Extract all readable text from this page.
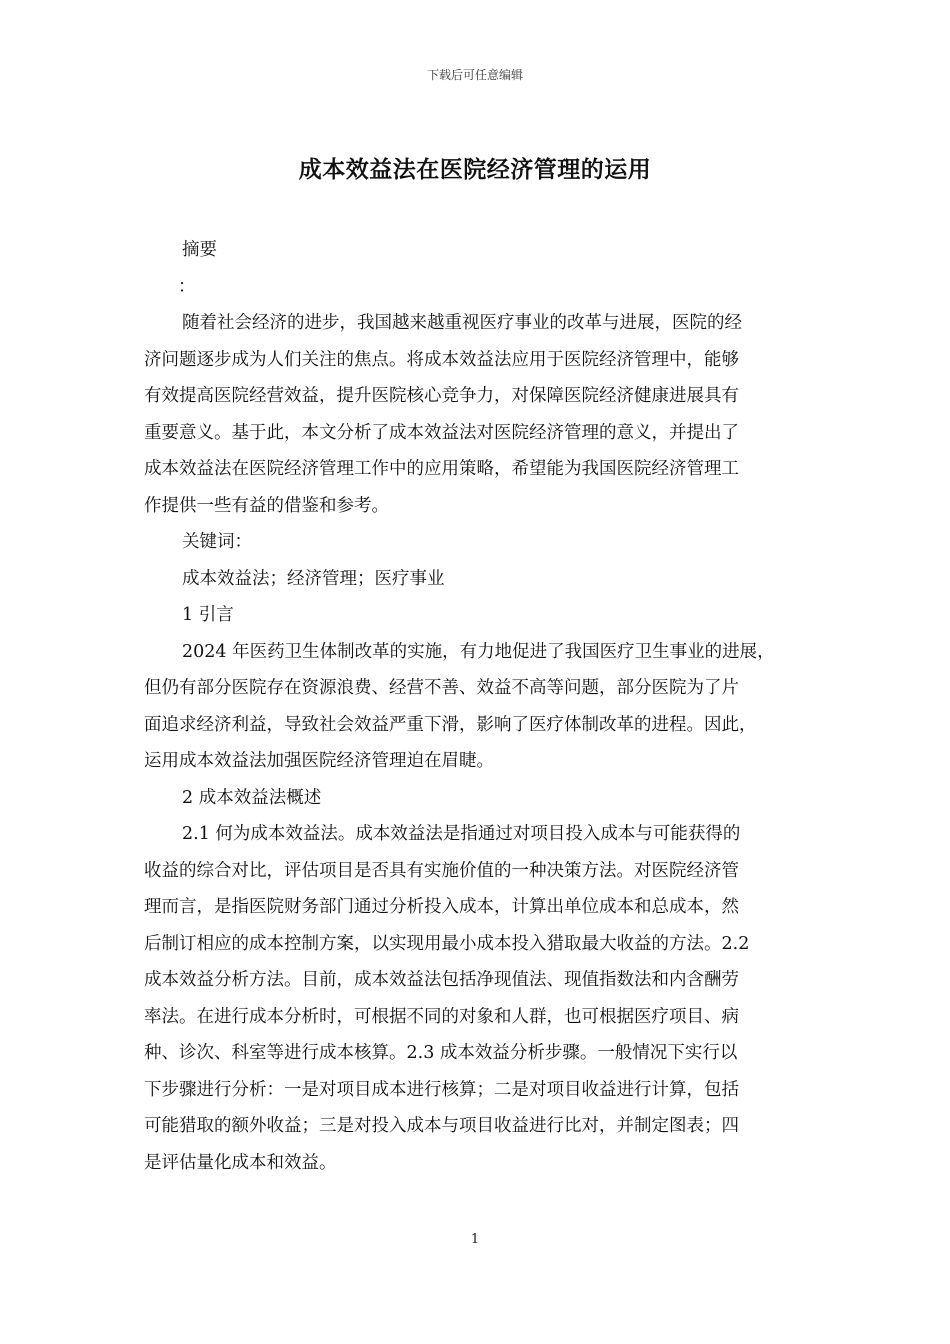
下载后可任意编辑
成本效益法在医院经济管理的运用

摘要

：

随着社会经济的进步，我国越来越重视医疗事业的改革与进展，医院的经

济问题逐步成为人们关注的焦点。将成本效益法应用于医院经济管理中，能够

有效提高医院经营效益，提升医院核心竞争力，对保障医院经济健康进展具有

重要意义。基于此，本文分析了成本效益法对医院经济管理的意义，并提出了

成本效益法在医院经济管理工作中的应用策略，希望能为我国医院经济管理工

作提供一些有益的借鉴和参考。

关键词：

成本效益法；经济管理；医疗事业

1 引言

2024 年医药卫生体制改革的实施，有力地促进了我国医疗卫生事业的进展，

但仍有部分医院存在资源浪费、经营不善、效益不高等问题，部分医院为了片

面追求经济利益，导致社会效益严重下滑，影响了医疗体制改革的进程。因此，

运用成本效益法加强医院经济管理迫在眉睫。

2 成本效益法概述

2.1 何为成本效益法。成本效益法是指通过对项目投入成本与可能获得的

收益的综合对比，评估项目是否具有实施价值的一种决策方法。对医院经济管

理而言，是指医院财务部门通过分析投入成本，计算出单位成本和总成本，然

后制订相应的成本控制方案，以实现用最小成本投入猎取最大收益的方法。2.2

成本效益分析方法。目前，成本效益法包括净现值法、现值指数法和内含酬劳

率法。在进行成本分析时，可根据不同的对象和人群，也可根据医疗项目、病

种、诊次、科室等进行成本核算。2.3 成本效益分析步骤。一般情况下实行以

下步骤进行分析：一是对项目成本进行核算；二是对项目收益进行计算，包括

可能猎取的额外收益；三是对投入成本与项目收益进行比对，并制定图表；四

是评估量化成本和效益。

1
